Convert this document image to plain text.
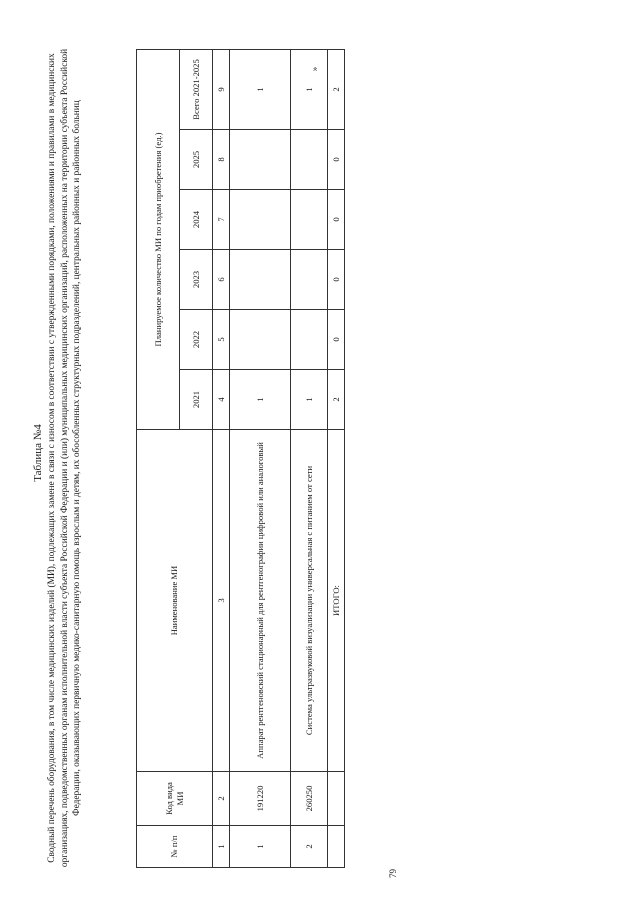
Таблица №4 Сводный перечень оборудования, в том числе медицинских изделий (МИ), подлежащих замене в связи с износом в соответствии с утвержденными порядками, положениями и правилами в медицинских организациях, подведомственных органам исполнительной власти субъекта Российской Федерации и (или) муниципальных медицинских организаций, расположенных на территории субъекта Российской Федерации, оказывающих первичную медико-санитарную помощь взрослым и детям, их обособленных структурных подразделений, центральных районных и районных больниц
№ п/п	Код вида МИ	Наименование МИ	Планируемое количество МИ по годам приобретения (ед.)					
			2021	2022	2023	2024	2025	Всего 2021-2025
1	2	3	4	5	6	7	8	9
1	191220	Аппарат рентгеновский стационарный для рентгенографии цифровой или аналоговый	1					1
2	260250	Система ультразвуковой визуализации универсальная с питанием от сети	1					1
		ИТОГО:	2	0	0	0	0	2
79
»
